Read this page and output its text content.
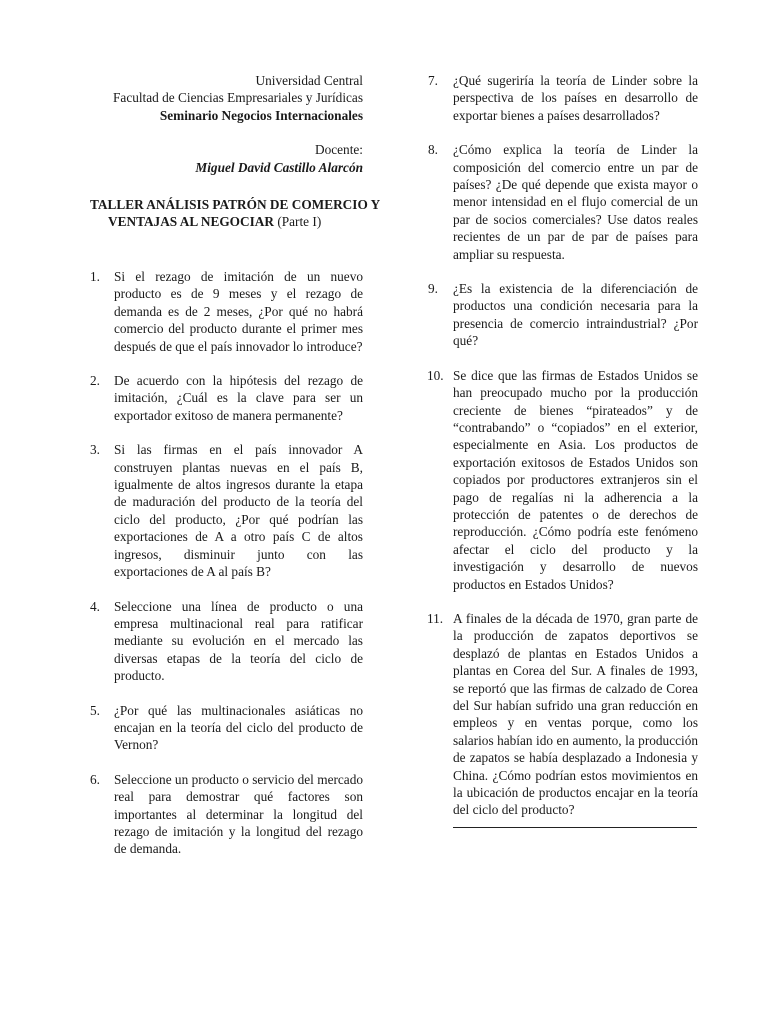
Universidad Central
Facultad de Ciencias Empresariales y Jurídicas
Seminario Negocios Internacionales
Docente:
Miguel David Castillo Alarcón
TALLER ANÁLISIS PATRÓN DE COMERCIO Y
VENTAJAS AL NEGOCIAR (Parte I)
1.	Si el rezago de imitación de un nuevo producto es de 9 meses y el rezago de demanda es de 2 meses, ¿Por qué no habrá comercio del producto durante el primer mes después de que el país innovador lo introduce?
2.	De acuerdo con la hipótesis del rezago de imitación, ¿Cuál es la clave para ser un exportador exitoso de manera permanente?
3.	Si las firmas en el país innovador A construyen plantas nuevas en el país B, igualmente de altos ingresos durante la etapa de maduración del producto de la teoría del ciclo del producto, ¿Por qué podrían las exportaciones de A a otro país C de altos ingresos, disminuir junto con las exportaciones de A al país B?
4.	Seleccione una línea de producto o una empresa multinacional real para ratificar mediante su evolución en el mercado las diversas etapas de la teoría del ciclo de producto.
5.	¿Por qué las multinacionales asiáticas no encajan en la teoría del ciclo del producto de Vernon?
6.	Seleccione un producto o servicio del mercado real para demostrar qué factores son importantes al determinar la longitud del rezago de imitación y la longitud del rezago de demanda.
7.	¿Qué sugeriría la teoría de Linder sobre la perspectiva de los países en desarrollo de exportar bienes a países desarrollados?
8.	¿Cómo explica la teoría de Linder la composición del comercio entre un par de países? ¿De qué depende que exista mayor o menor intensidad en el flujo comercial de un par de socios comerciales? Use datos reales recientes de un par de par de países para ampliar su respuesta.
9.	¿Es la existencia de la diferenciación de productos una condición necesaria para la presencia de comercio intraindustrial? ¿Por qué?
10. Se dice que las firmas de Estados Unidos se han preocupado mucho por la producción creciente de bienes “pirateados” y de “contrabando” o “copiados” en el exterior, especialmente en Asia. Los productos de exportación exitosos de Estados Unidos son copiados por productores extranjeros sin el pago de regalías ni la adherencia a la protección de patentes o de derechos de reproducción. ¿Cómo podría este fenómeno afectar el ciclo del producto y la investigación y desarrollo de nuevos productos en Estados Unidos?
11. A finales de la década de 1970, gran parte de la producción de zapatos deportivos se desplazó de plantas en Estados Unidos a plantas en Corea del Sur. A finales de 1993, se reportó que las firmas de calzado de Corea del Sur habían sufrido una gran reducción en empleos y en ventas porque, como los salarios habían ido en aumento, la producción de zapatos se había desplazado a Indonesia y China. ¿Cómo podrían estos movimientos en la ubicación de productos encajar en la teoría del ciclo del producto?
